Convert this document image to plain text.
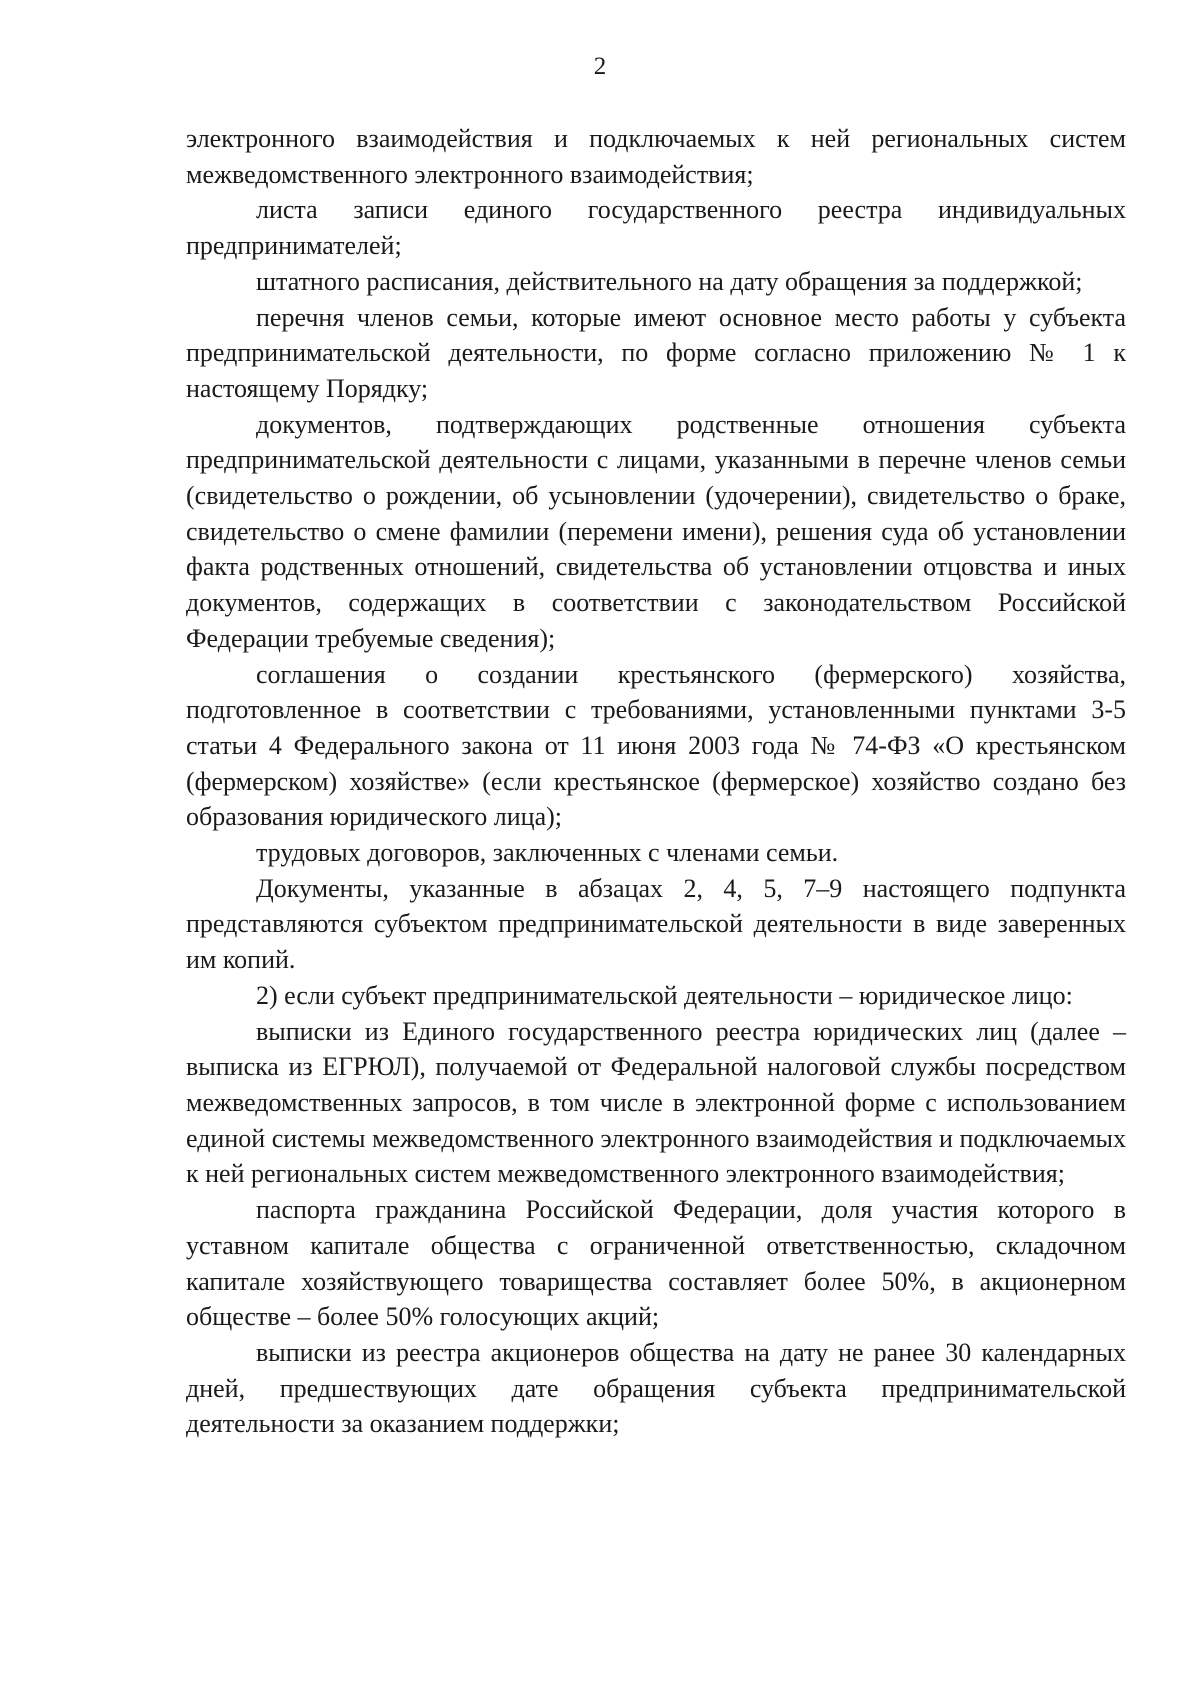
2

электронного взаимодействия и подключаемых к ней региональных систем межведомственного электронного взаимодействия;

листа записи единого государственного реестра индивидуальных предпринимателей;

штатного расписания, действительного на дату обращения за поддержкой;

перечня членов семьи, которые имеют основное место работы у субъекта предпринимательской деятельности, по форме согласно приложению № 1 к настоящему Порядку;

документов, подтверждающих родственные отношения субъекта предпринимательской деятельности с лицами, указанными в перечне членов семьи (свидетельство о рождении, об усыновлении (удочерении), свидетельство о браке, свидетельство о смене фамилии (перемени имени), решения суда об установлении факта родственных отношений, свидетельства об установлении отцовства и иных документов, содержащих в соответствии с законодательством Российской Федерации требуемые сведения);

соглашения о создании крестьянского (фермерского) хозяйства, подготовленное в соответствии с требованиями, установленными пунктами 3-5 статьи 4 Федерального закона от 11 июня 2003 года № 74-ФЗ «О крестьянском (фермерском) хозяйстве» (если крестьянское (фермерское) хозяйство создано без образования юридического лица);

трудовых договоров, заключенных с членами семьи.

Документы, указанные в абзацах 2, 4, 5, 7–9 настоящего подпункта представляются субъектом предпринимательской деятельности в виде заверенных им копий.

2) если субъект предпринимательской деятельности – юридическое лицо:

выписки из Единого государственного реестра юридических лиц (далее – выписка из ЕГРЮЛ), получаемой от Федеральной налоговой службы посредством межведомственных запросов, в том числе в электронной форме с использованием единой системы межведомственного электронного взаимодействия и подключаемых к ней региональных систем межведомственного электронного взаимодействия;

паспорта гражданина Российской Федерации, доля участия которого в уставном капитале общества с ограниченной ответственностью, складочном капитале хозяйствующего товарищества составляет более 50%, в акционерном обществе – более 50% голосующих акций;

выписки из реестра акционеров общества на дату не ранее 30 календарных дней, предшествующих дате обращения субъекта предпринимательской деятельности за оказанием поддержки;
